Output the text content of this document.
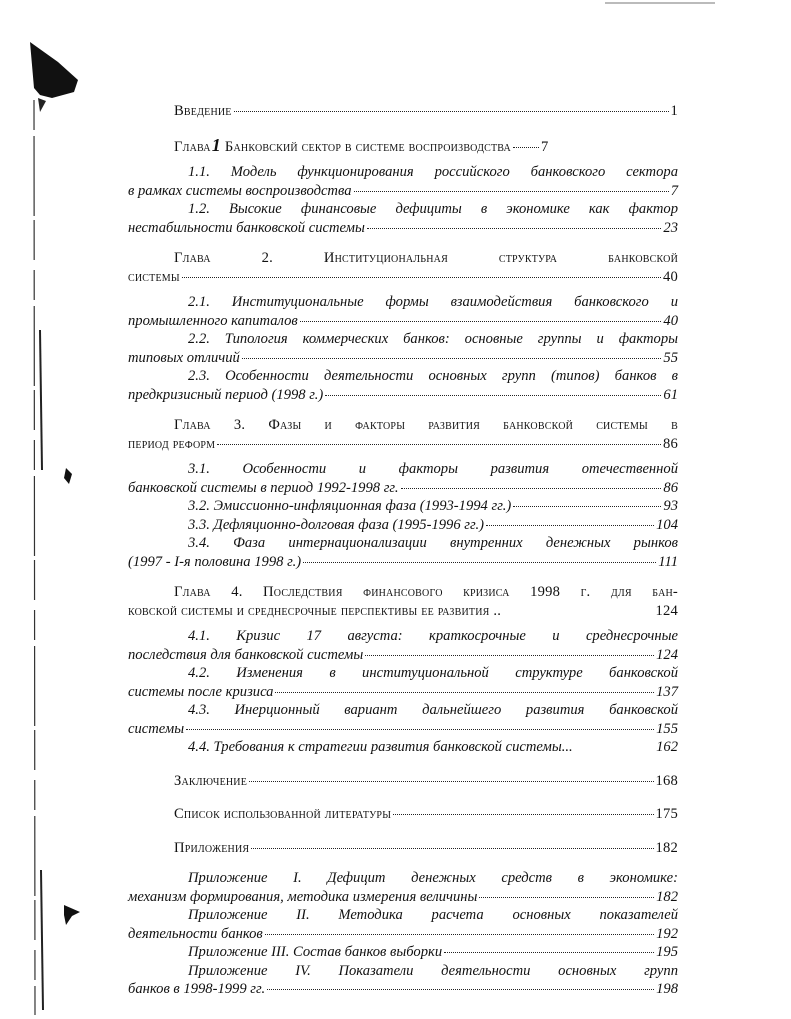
Введение	1
Глава 1 Банковский сектор в системе воспроизводства 7
1.1. Модель функционирования российского банковского сектора
в рамках системы воспроизводства	7
1.2. Высокие финансовые дефициты в экономике как фактор
нестабильности банковской системы	23
Глава 2. Институциональная структура банковской
системы	40
2.1. Институциональные формы взаимодействия банковского и
промышленного капиталов	40
2.2. Типология коммерческих банков: основные группы и факторы
типовых отличий	55
2.3. Особенности деятельности основных групп (типов) банков в
предкризисный период (1998 г.)	61
Глава 3. Фазы и факторы развития банковской системы в
период реформ	86
3.1. Особенности и факторы развития отечественной
банковской системы в период 1992-1998 гг.	86
3.2. Эмиссионно-инфляционная фаза (1993-1994 гг.)	93
3.3. Дефляционно-долговая фаза (1995-1996 гг.)	104
3.4. Фаза интернационализации внутренних денежных рынков
(1997 - I-я половина 1998 г.)	111
Глава 4. Последствия финансового кризиса 1998 г. для бан-
ковской системы и среднесрочные перспективы ее развития ..	124
4.1. Кризис 17 августа: краткосрочные и среднесрочные
последствия для банковской системы	124
4.2. Изменения в институциональной структуре банковской
системы после кризиса	137
4.3. Инерционный вариант дальнейшего развития банковской
системы	155
4.4. Требования к стратегии развития банковской системы...	162
Заключение	168
Список использованной литературы	175
Приложения	182
Приложение I. Дефицит денежных средств в экономике:
механизм формирования, методика измерения величины	182
Приложение II. Методика расчета основных показателей
деятельности банков	192
Приложение III. Состав банков выборки	195
Приложение IV. Показатели деятельности основных групп
банков в 1998-1999 гг.	198
